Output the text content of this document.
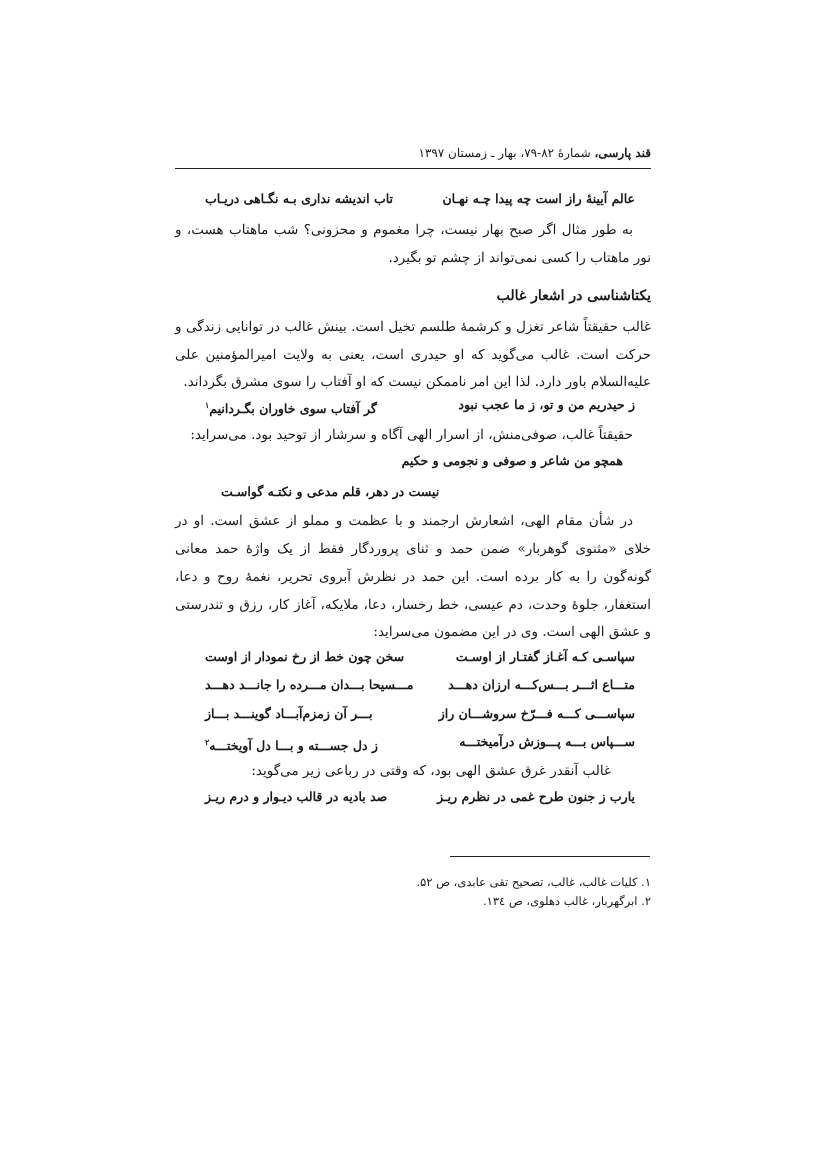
قند پارسی، شمارهٔ ۸۲-۷۹، بهار ـ زمستان ۱۳۹۷
عالم آیینهٔ راز است چه پیدا چـه نهـان
تاب اندیشه نداری بـه نگـاهی دریـاب
به طور مثال اگر صبح بهار نیست، چرا مغموم و محزونی؟ شب ماهتاب هست، و
نور ماهتاب را کسی نمی‌تواند از چشم تو بگیرد.
یکتاشناسی در اشعار غالب
غالب حقیقتاً شاعر تغزل و کرشمهٔ طلسم تخیل است. بینش غالب در توانایی زندگی و
حرکت است. غالب می‌گوید که او حیدری است، یعنی به ولایت امیرالمؤمنین علی
علیه‌السلام باور دارد. لذا این امر ناممکن نیست که او آفتاب را سوی مشرق بگرداند.
ز حیدریم من و تو، ز ما عجب نبود
گر آفتاب سوی خاوران بگـردانیم$^۱$
حقیقتاً غالب، صوفی‌منش، از اسرار الهی آگاه و سرشار از توحید بود. می‌سراید:
همچو من شاعر و صوفی و نجومی و حکیم
نیست در دهر، قلم مدعی و نکتـه گواسـت
در شأن مقام الهی، اشعارش ارجمند و با عظمت و مملو از عشق است. او در
خلای «مثنوی گوهربار» ضمن حمد و ثنای پروردگار فقط از یک واژهٔ حمد معانی
گونه‌گون را به کار برده است. این حمد در نظرش آبروی تحریر، نغمهٔ روح و دعا،
استغفار، جلوهٔ وحدت، دم عیسی، خط رخسار، دعا، ملایکه، آغاز کار، رزق و تندرستی
و عشق الهی است. وی در این مضمون می‌سراید:
سپاسـی کـه آغـاز گفتـار از اوسـت
سخن چون خط از رخ نمودار از اوست
متـــاع اثـــر بـــس‌کـــه ارزان دهـــد
مـــسیحا بـــدان مـــرده را جانـــد دهـــد
سپاســـی کـــه فـــرّخ سروشـــان راز
بـــر آن زمزم‌آبـــاد گوینـــد بـــاز
ســـپاس بـــه پـــوزش درآمیختـــه
ز دل جســـته و بـــا دل آویختـــه$^۲$
غالب آنقدر غرق عشق الهی بود، که وقتی در رباعی زیر می‌گوید:
یارب ز جنون طرح غمی در نظرم ریـز
صد بادیه در قالب دیـوار و درم ریـز
۱. کلیات غالب، غالب، تصحیح تقی عابدی، ص ۵۲.
۲. ابرگهربار، غالب دهلوی، ص ۱۳٤.
